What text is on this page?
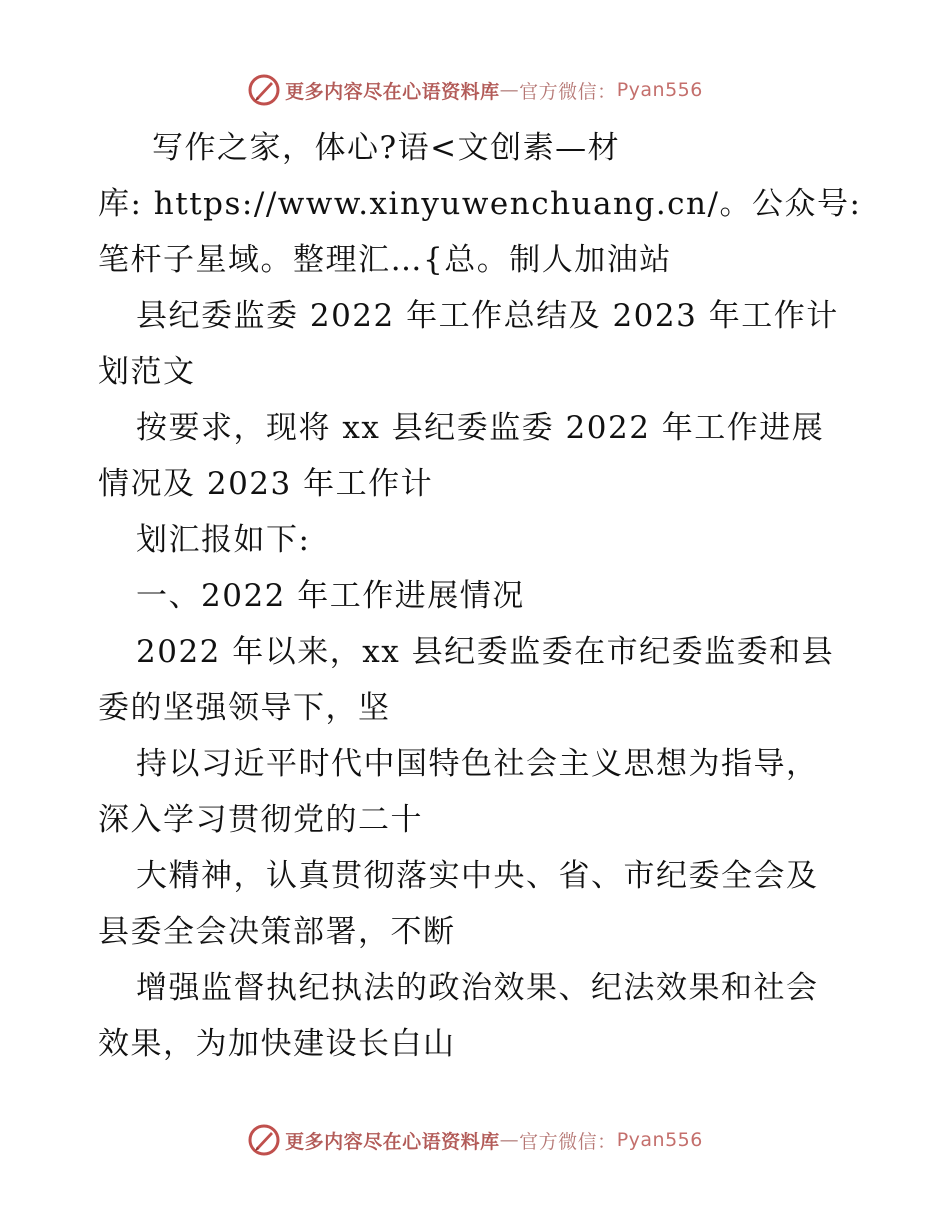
更多内容尽在心语资料库 — 官方微信： Pyan556
写作之家，体心?语<文创素—材
库: https://www.xinyuwenchuang.cn/。公众号:
笔杆子星域。整理汇…{总。制人加油站
县纪委监委 2022 年工作总结及 2023 年工作计
划范文
按要求，现将 xx 县纪委监委 2022 年工作进展
情况及 2023 年工作计
划汇报如下:
一、2022 年工作进展情况
2022 年以来，xx 县纪委监委在市纪委监委和县
委的坚强领导下，坚
持以习近平时代中国特色社会主义思想为指导，
深入学习贯彻党的二十
大精神，认真贯彻落实中央、省、市纪委全会及
县委全会决策部署，不断
增强监督执纪执法的政治效果、纪法效果和社会
效果，为加快建设长白山
更多内容尽在心语资料库 — 官方微信： Pyan556
